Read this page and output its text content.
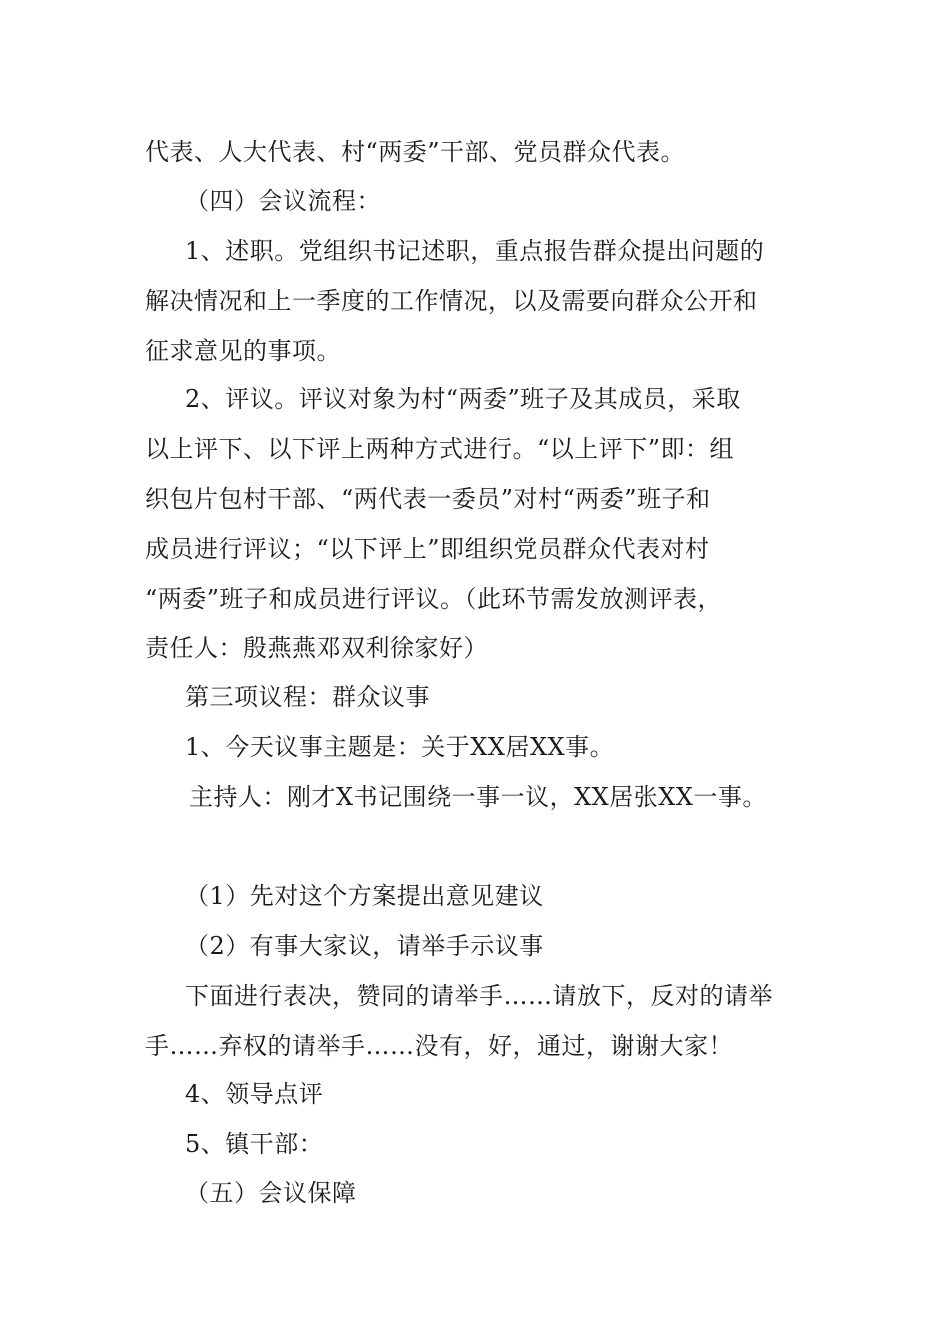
代表、人大代表、村“两委”干部、党员群众代表。
（四）会议流程：
1、述职。党组织书记述职，重点报告群众提出问题的
解决情况和上一季度的工作情况，以及需要向群众公开和
征求意见的事项。
2、评议。评议对象为村“两委”班子及其成员，采取
以上评下、以下评上两种方式进行。“以上评下”即：组
织包片包村干部、“两代表一委员”对村“两委”班子和
成员进行评议；“以下评上”即组织党员群众代表对村
“两委”班子和成员进行评议。（此环节需发放测评表，
责任人：殷燕燕邓双利徐家好）
第三项议程：群众议事
1、今天议事主题是：关于XX居XX事。
主持人：刚才X书记围绕一事一议，XX居张XX一事。
（1）先对这个方案提出意见建议
（2）有事大家议，请举手示议事
下面进行表决，赞同的请举手……请放下，反对的请举
手……弃权的请举手……没有，好，通过，谢谢大家！
4、领导点评
5、镇干部：
（五）会议保障
